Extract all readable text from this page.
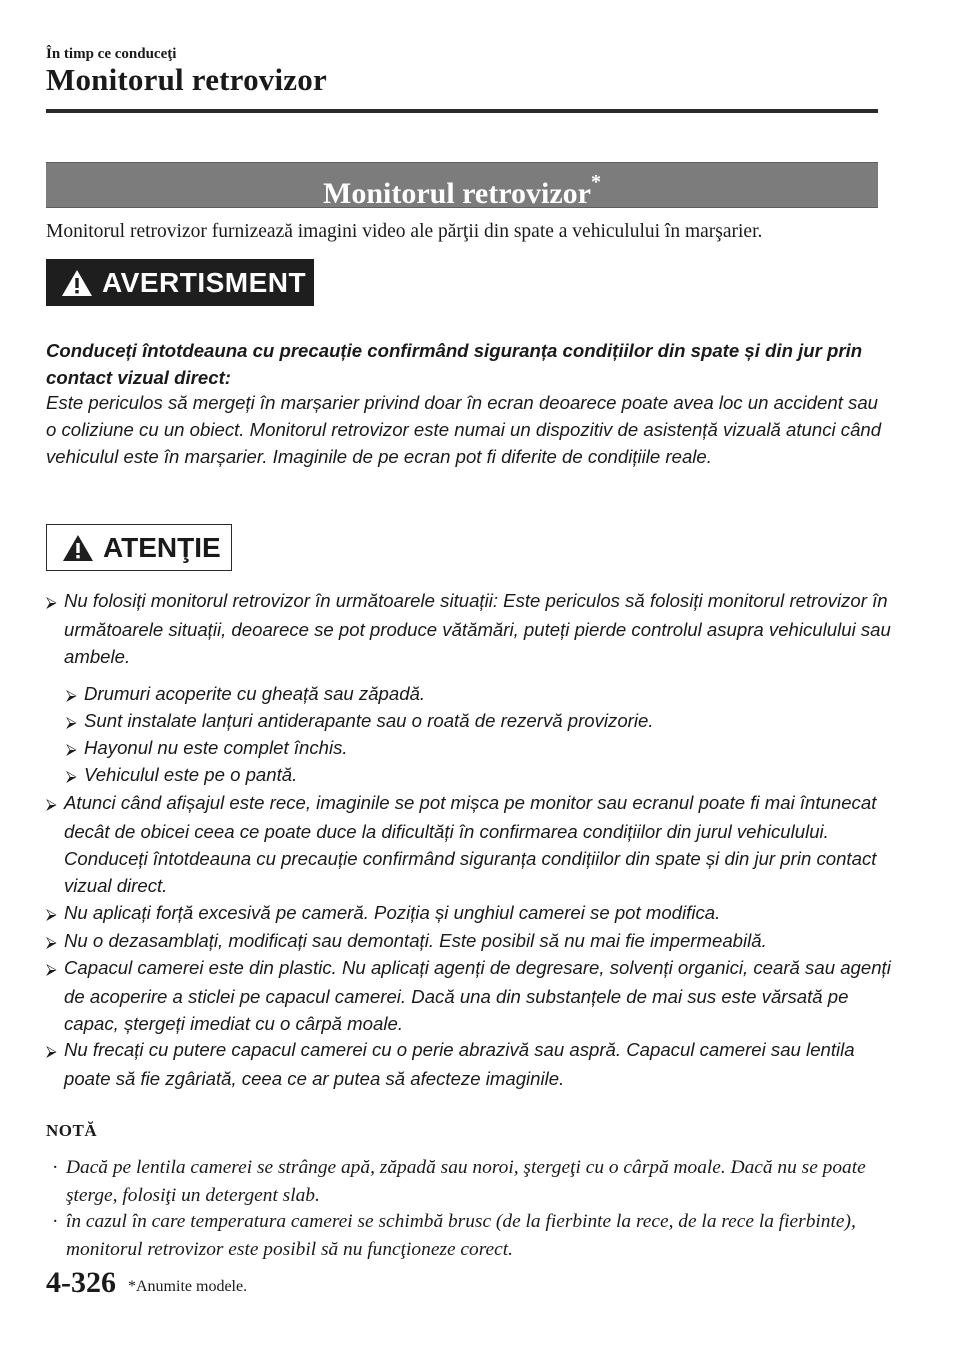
În timp ce conduceţi
Monitorul retrovizor
Monitorul retrovizor*
Monitorul retrovizor furnizează imagini video ale părţii din spate a vehiculului în marşarier.
AVERTISMENT
Conduceți întotdeauna cu precauție confirmând siguranța condițiilor din spate și din jur prin contact vizual direct:
Este periculos să mergeți în marșarier privind doar în ecran deoarece poate avea loc un accident sau o coliziune cu un obiect. Monitorul retrovizor este numai un dispozitiv de asistență vizuală atunci când vehiculul este în marșarier. Imaginile de pe ecran pot fi diferite de condițiile reale.
ATENŢIE
⮚ Nu folosiți monitorul retrovizor în următoarele situații: Este periculos să folosiți monitorul retrovizor în următoarele situații, deoarece se pot produce vătămări, puteți pierde controlul asupra vehiculului sau ambele.
⮚ Drumuri acoperite cu gheață sau zăpadă.
⮚ Sunt instalate lanțuri antiderapante sau o roată de rezervă provizorie.
⮚ Hayonul nu este complet închis.
⮚ Vehiculul este pe o pantă.
⮚ Atunci când afișajul este rece, imaginile se pot mișca pe monitor sau ecranul poate fi mai întunecat decât de obicei ceea ce poate duce la dificultăți în confirmarea condițiilor din jurul vehiculului. Conduceți întotdeauna cu precauție confirmând siguranța condițiilor din spate și din jur prin contact vizual direct.
⮚ Nu aplicați forță excesivă pe cameră. Poziția și unghiul camerei se pot modifica.
⮚ Nu o dezasamblați, modificați sau demontați. Este posibil să nu mai fie impermeabilă.
⮚ Capacul camerei este din plastic. Nu aplicați agenți de degresare, solvenți organici, ceară sau agenți de acoperire a sticlei pe capacul camerei. Dacă una din substanțele de mai sus este vărsată pe capac, ștergeți imediat cu o cârpă moale.
⮚ Nu frecați cu putere capacul camerei cu o perie abrazivă sau aspră. Capacul camerei sau lentila poate să fie zgâriată, ceea ce ar putea să afecteze imaginile.
NOTĂ
· Dacă pe lentila camerei se strânge apă, zăpadă sau noroi, ştergeţi cu o cârpă moale. Dacă nu se poate şterge, folosiţi un detergent slab.
· în cazul în care temperatura camerei se schimbă brusc (de la fierbinte la rece, de la rece la fierbinte), monitorul retrovizor este posibil să nu funcţioneze corect.
4-326 *Anumite modele.
